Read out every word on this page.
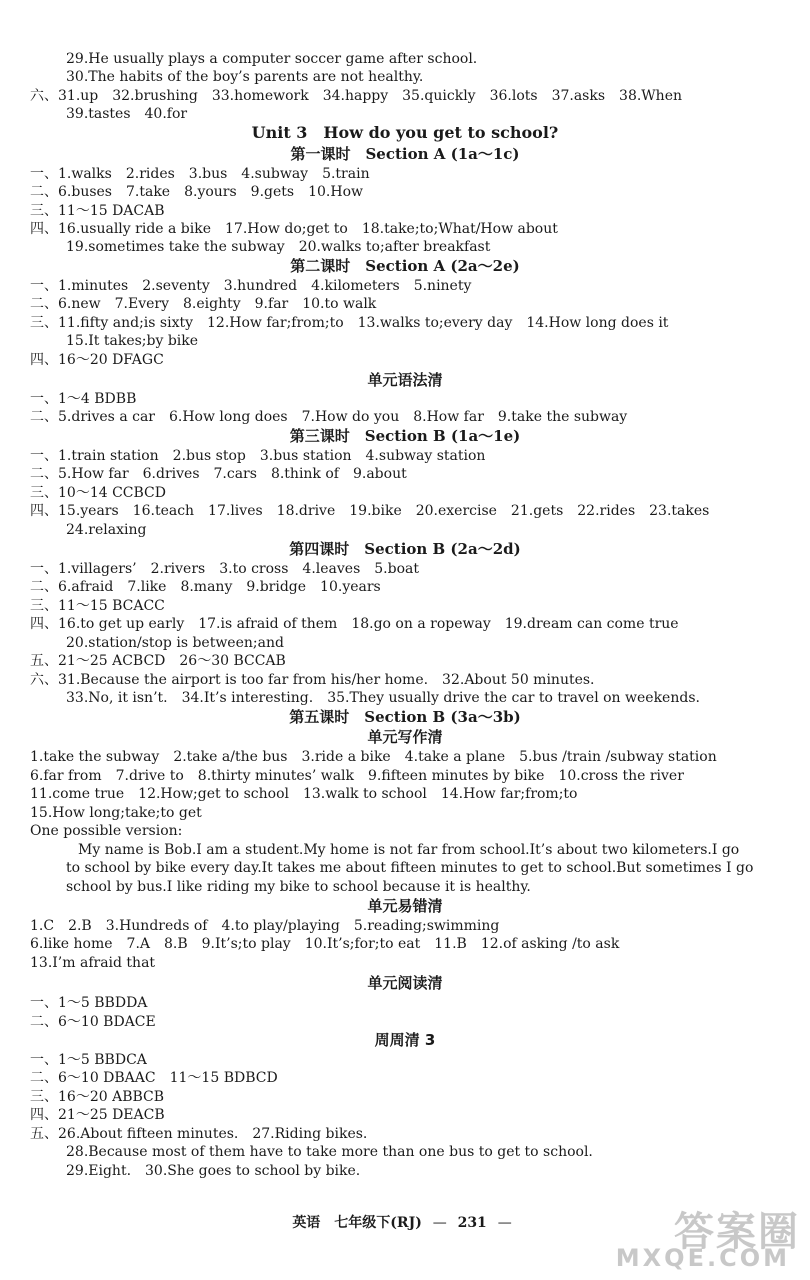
29.He usually plays a computer soccer game after school.
30.The habits of the boy’s parents are not healthy.
六、31.up　32.brushing　33.homework　34.happy　35.quickly　36.lots　37.asks　38.When
39.tastes　40.for
Unit 3　How do you get to school?
第一课时　Section A (1a～1c)
一、1.walks　2.rides　3.bus　4.subway　5.train
二、6.buses　7.take　8.yours　9.gets　10.How
三、11～15 DACAB
四、16.usually ride a bike　17.How do;get to　18.take;to;What/How about
19.sometimes take the subway　20.walks to;after breakfast
第二课时　Section A (2a～2e)
一、1.minutes　2.seventy　3.hundred　4.kilometers　5.ninety
二、6.new　7.Every　8.eighty　9.far　10.to walk
三、11.fifty and;is sixty　12.How far;from;to　13.walks to;every day　14.How long does it
15.It takes;by bike
四、16～20 DFAGC
单元语法清
一、1～4 BDBB
二、5.drives a car　6.How long does　7.How do you　8.How far　9.take the subway
第三课时　Section B (1a～1e)
一、1.train station　2.bus stop　3.bus station　4.subway station
二、5.How far　6.drives　7.cars　8.think of　9.about
三、10～14 CCBCD
四、15.years　16.teach　17.lives　18.drive　19.bike　20.exercise　21.gets　22.rides　23.takes
24.relaxing
第四课时　Section B (2a～2d)
一、1.villagers’　2.rivers　3.to cross　4.leaves　5.boat
二、6.afraid　7.like　8.many　9.bridge　10.years
三、11～15 BCACC
四、16.to get up early　17.is afraid of them　18.go on a ropeway　19.dream can come true
20.station/stop is between;and
五、21～25 ACBCD　26～30 BCCAB
六、31.Because the airport is too far from his/her home.　32.About 50 minutes.
33.No, it isn’t.　34.It’s interesting.　35.They usually drive the car to travel on weekends.
第五课时　Section B (3a～3b)
单元写作清
1.take the subway　2.take a/the bus　3.ride a bike　4.take a plane　5.bus /train /subway station
6.far from　7.drive to　8.thirty minutes’ walk　9.fifteen minutes by bike　10.cross the river
11.come true　12.How;get to school　13.walk to school　14.How far;from;to
15.How long;take;to get
One possible version:
My name is Bob.I am a student.My home is not far from school.It’s about two kilometers.I go
to school by bike every day.It takes me about fifteen minutes to get to school.But sometimes I go
school by bus.I like riding my bike to school because it is healthy.
单元易错清
1.C　2.B　3.Hundreds of　4.to play/playing　5.reading;swimming
6.like home　7.A　8.B　9.It’s;to play　10.It’s;for;to eat　11.B　12.of asking /to ask
13.I’m afraid that
单元阅读清
一、1～5 BBDDA
二、6～10 BDACE
周周清 3
一、1～5 BBDCA
二、6～10 DBAAC　11～15 BDBCD
三、16～20 ABBCB
四、21～25 DEACB
五、26.About fifteen minutes.　27.Riding bikes.
28.Because most of them have to take more than one bus to get to school.
29.Eight.　30.She goes to school by bike.
英语　七年级下(RJ) — 231 —	答案圈
MXQE.COM
